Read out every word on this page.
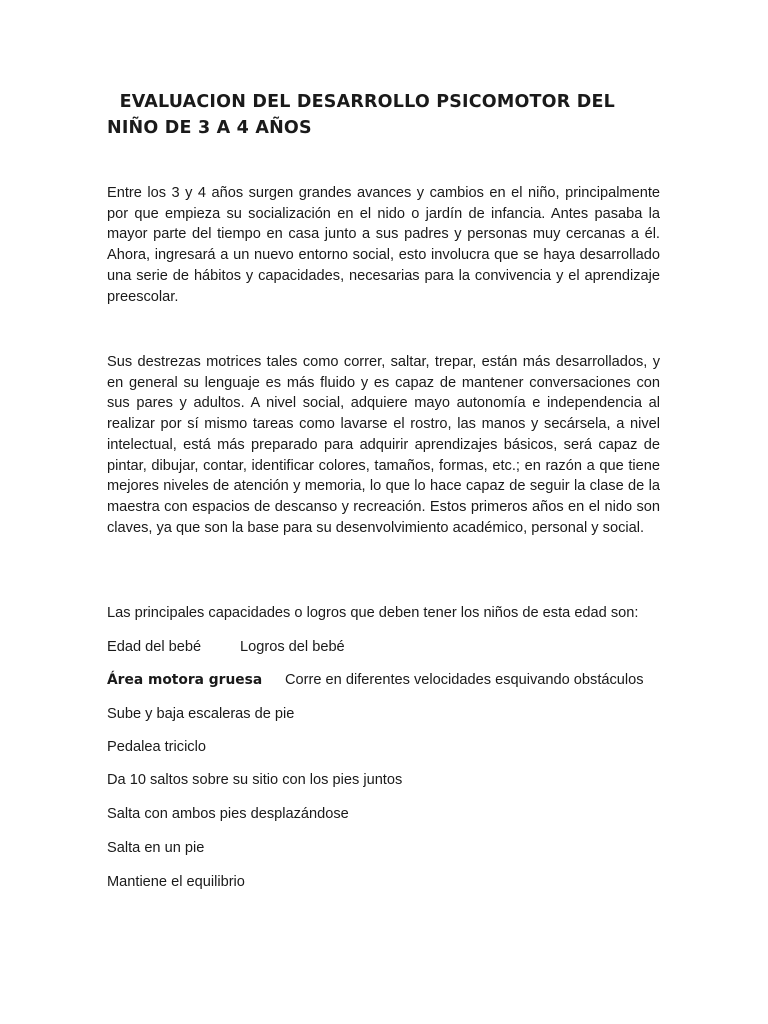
EVALUACION DEL DESARROLLO PSICOMOTOR DEL NIÑO DE 3 A 4 AÑOS

Entre los 3 y 4 años surgen grandes avances y cambios en el niño, principalmente por que empieza su socialización en el nido o jardín de infancia. Antes pasaba la mayor parte del tiempo en casa junto a sus padres y personas muy cercanas a él. Ahora, ingresará a un nuevo entorno social, esto involucra que se haya desarrollado una serie de hábitos y capacidades, necesarias para la convivencia y el aprendizaje preescolar.

Sus destrezas motrices tales como correr, saltar, trepar, están más desarrollados, y en general su lenguaje es más fluido y es capaz de mantener conversaciones con sus pares y adultos. A nivel social, adquiere mayo autonomía e independencia al realizar por sí mismo tareas como lavarse el rostro, las manos y secársela, a nivel intelectual, está más preparado para adquirir aprendizajes básicos, será capaz de pintar, dibujar, contar, identificar colores, tamaños, formas, etc.; en razón a que tiene mejores niveles de atención y memoria, lo que lo hace capaz de seguir la clase de la maestra con espacios de descanso y recreación. Estos primeros años en el nido son claves, ya que son la base para su desenvolvimiento académico, personal y social.

Las principales capacidades o logros que deben tener los niños de esta edad son:

Edad del bebé	Logros del bebé
Área motora gruesa Corre en diferentes velocidades esquivando obstáculos

Sube y baja escaleras de pie

Pedalea triciclo

Da 10 saltos sobre su sitio con los pies juntos

Salta con ambos pies desplazándose

Salta en un pie

Mantiene el equilibrio
